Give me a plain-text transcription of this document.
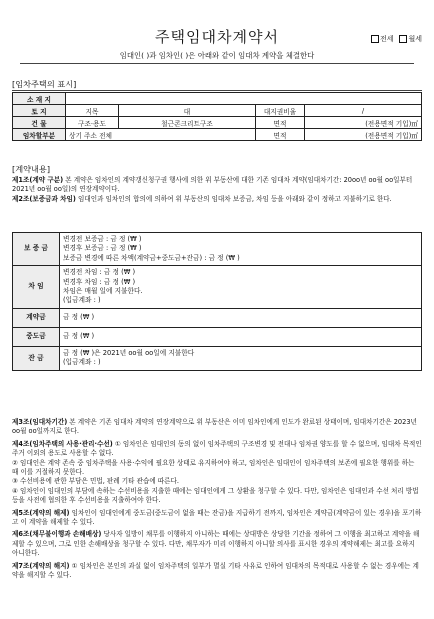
주택임대차계약서	전세	월세
임대인( )과 임차인( )은 아래와 같이 임대차 계약을 체결한다
[임차주택의 표시]
소 재 지				
토 지	지목	대	대지권비율	/
건 물	구조·용도	철근콘크리트구조	면적	(전용면적 기입)㎡
임차할부분	상기 주소 전체		면적	(전용면적 기입)㎡
[계약내용]

제1조(계약 구분) 본 계약은 임차인의 계약갱신청구권 행사에 의한 위 부동산에 대한 기존 임대차 계약(임대차기간: 20oo년 oo월 oo일부터 2021년 oo월 oo일)의 연장계약이다.

제2조(보증금과 차임) 임대인과 임차인의 합의에 의하여 위 부동산의 임대차 보증금, 차임 등을 아래와 같이 정하고 지불하기로 한다.

보 증 금	변경전 보증금 : 금 정 (₩ )
변경후 보증금 : 금 정 (₩ )
보증금 변경에 따른 차액(계약금+중도금+잔금) : 금 정 (₩ )

차 임	변경전 차임 : 금 정 (₩ )
변경후 차임 : 금 정 (₩ )
차임은 매월 일에 지불한다.
(입금계좌 : )

계약금	금 정 (₩ )
중도금	금 정 (₩ )
잔 금	금 정 (₩ )은 2021년 oo월 oo일에 지불한다
(입금계좌 : )

제3조(임대차기간) 본 계약은 기존 임대차 계약의 연장계약으로 위 부동산은 이미 임차인에게 인도가 완료된 상태이며, 임대차기간은 2023년 oo월 oo일까지로 한다.

제4조(임차주택의 사용·관리·수선) ① 임차인은 임대인의 동의 없이 임차주택의 구조변경 및 전대나 임차권 양도를 할 수 없으며, 임대차 목적인 주거 이외의 용도로 사용할 수 없다.

② 임대인은 계약 존속 중 임차주택을 사용·수익에 필요한 상태로 유지하여야 하고, 임차인은 임대인이 임차주택의 보존에 필요한 행위를 하는 때 이를 거절하지 못한다.

③ 수선비용에 관한 부담은 민법, 판례 기타 관습에 따른다.

④ 임차인이 임대인의 부담에 속하는 수선비용을 지출한 때에는 임대인에게 그 상환을 청구할 수 있다. 다만, 임차인은 임대인과 수선 처리 방법 등을 사전에 협의한 후 수선비용을 지출하여야 한다.

제5조(계약의 해제) 임차인이 임대인에게 중도금(중도금이 없을 때는 잔금)을 지급하기 전까지, 임차인은 계약금(계약금이 있는 경우)을 포기하고 이 계약을 해제할 수 있다.

제6조(채무불이행과 손해배상) 당사자 일방이 채무를 이행하지 아니하는 때에는 상대방은 상당한 기간을 정하여 그 이행을 최고하고 계약을 해제할 수 있으며, 그로 인한 손해배상을 청구할 수 있다. 다만, 채무자가 미리 이행하지 아니할 의사를 표시한 경우의 계약해제는 최고를 요하지 아니한다.

제7조(계약의 해지) ① 임차인은 본인의 과실 없이 임차주택의 일부가 멸실 기타 사유로 인하여 임대차의 목적대로 사용할 수 없는 경우에는 계약을 해지할 수 있다.
